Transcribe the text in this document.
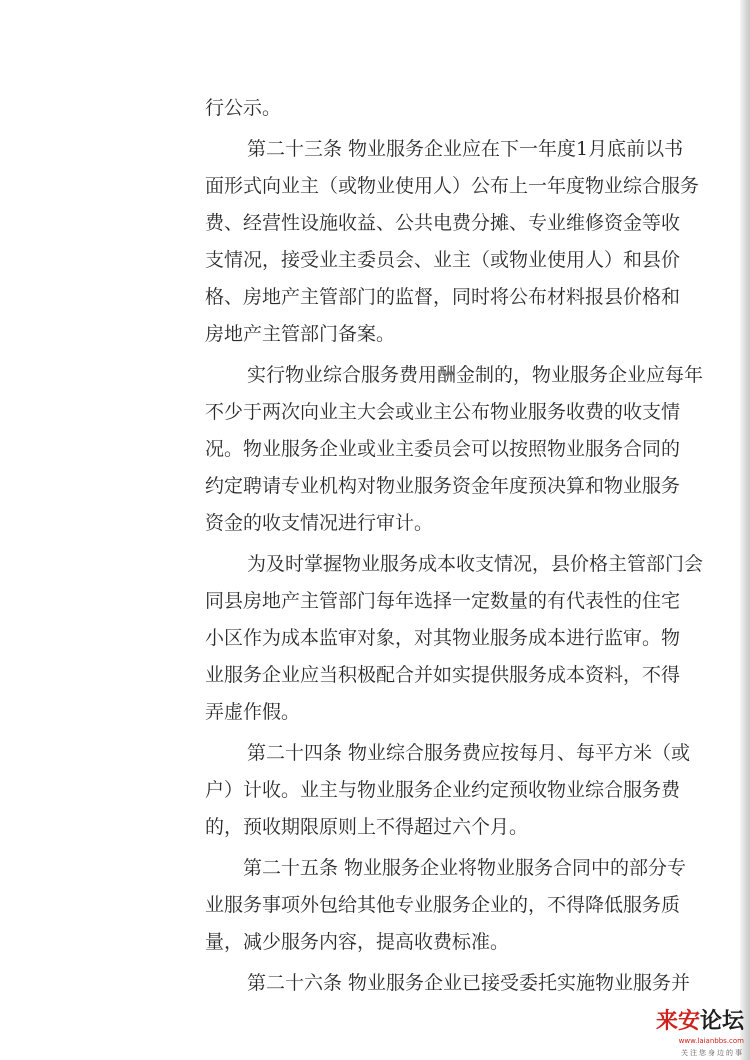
行公示。
第二十三条 物业服务企业应在下一年度1月底前以书
面形式向业主（或物业使用人）公布上一年度物业综合服务
费、经营性设施收益、公共电费分摊、专业维修资金等收
支情况，接受业主委员会、业主（或物业使用人）和县价
格、房地产主管部门的监督，同时将公布材料报县价格和
房地产主管部门备案。
实行物业综合服务费用酬金制的，物业服务企业应每年
不少于两次向业主大会或业主公布物业服务收费的收支情
况。物业服务企业或业主委员会可以按照物业服务合同的
约定聘请专业机构对物业服务资金年度预决算和物业服务
资金的收支情况进行审计。
为及时掌握物业服务成本收支情况，县价格主管部门会
同县房地产主管部门每年选择一定数量的有代表性的住宅
小区作为成本监审对象，对其物业服务成本进行监审。物
业服务企业应当积极配合并如实提供服务成本资料，不得
弄虚作假。
第二十四条 物业综合服务费应按每月、每平方米（或
户）计收。业主与物业服务企业约定预收物业综合服务费
的，预收期限原则上不得超过六个月。
第二十五条 物业服务企业将物业服务合同中的部分专
业服务事项外包给其他专业服务企业的，不得降低服务质
量，减少服务内容，提高收费标准。
第二十六条 物业服务企业已接受委托实施物业服务并
来安论坛
www.laianbbs.com
关注您身边的事
